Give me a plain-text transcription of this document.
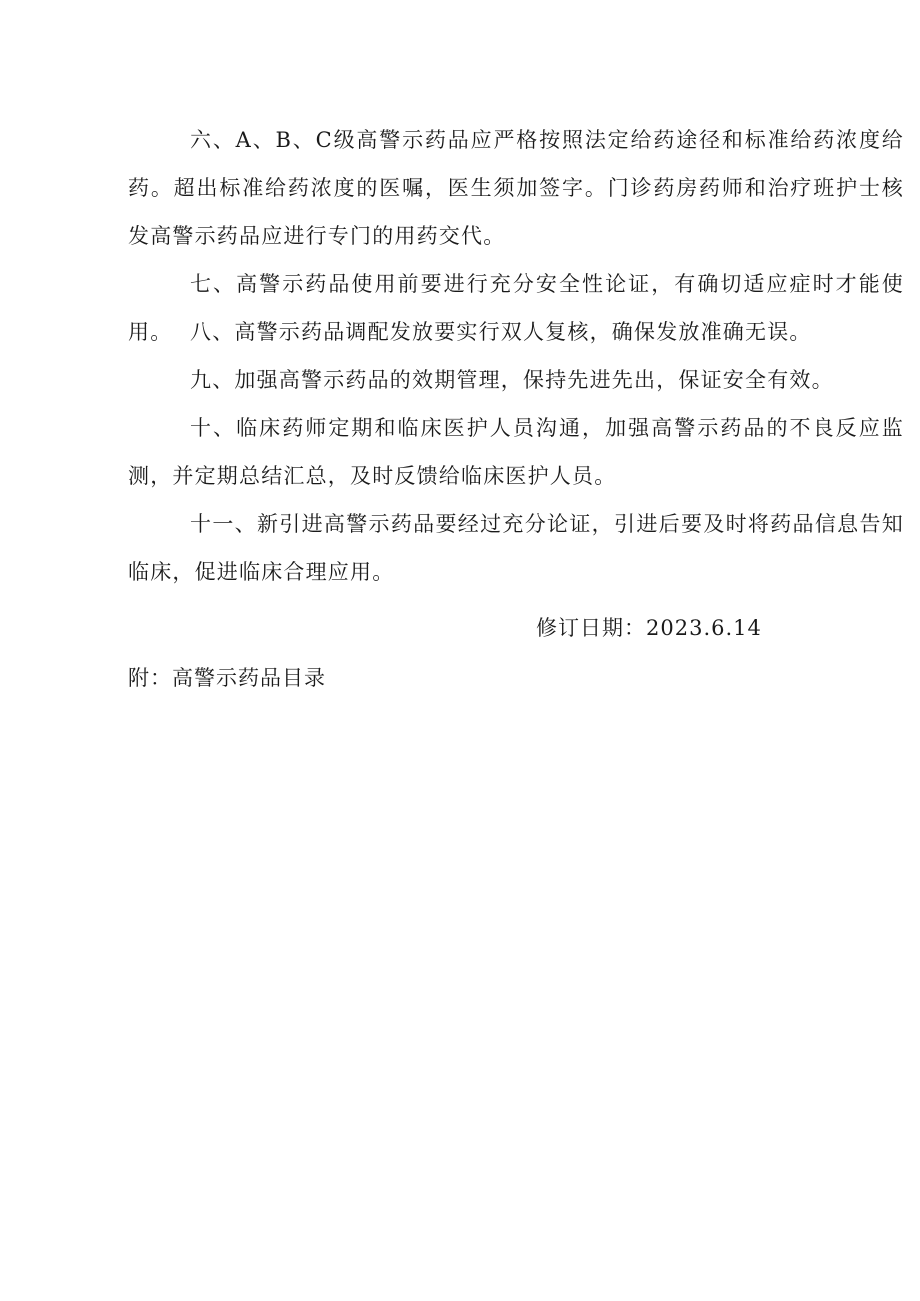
六、A、B、C级高警示药品应严格按照法定给药途径和标准给药浓度给药。超出标准给药浓度的医嘱，医生须加签字。门诊药房药师和治疗班护士核发高警示药品应进行专门的用药交代。

七、高警示药品使用前要进行充分安全性论证，有确切适应症时才能使用。 八、高警示药品调配发放要实行双人复核，确保发放准确无误。

九、加强高警示药品的效期管理，保持先进先出，保证安全有效。

十、临床药师定期和临床医护人员沟通，加强高警示药品的不良反应监测，并定期总结汇总，及时反馈给临床医护人员。

十一、新引进高警示药品要经过充分论证，引进后要及时将药品信息告知临床，促进临床合理应用。

修订日期：2023.6.14
附：高警示药品目录
